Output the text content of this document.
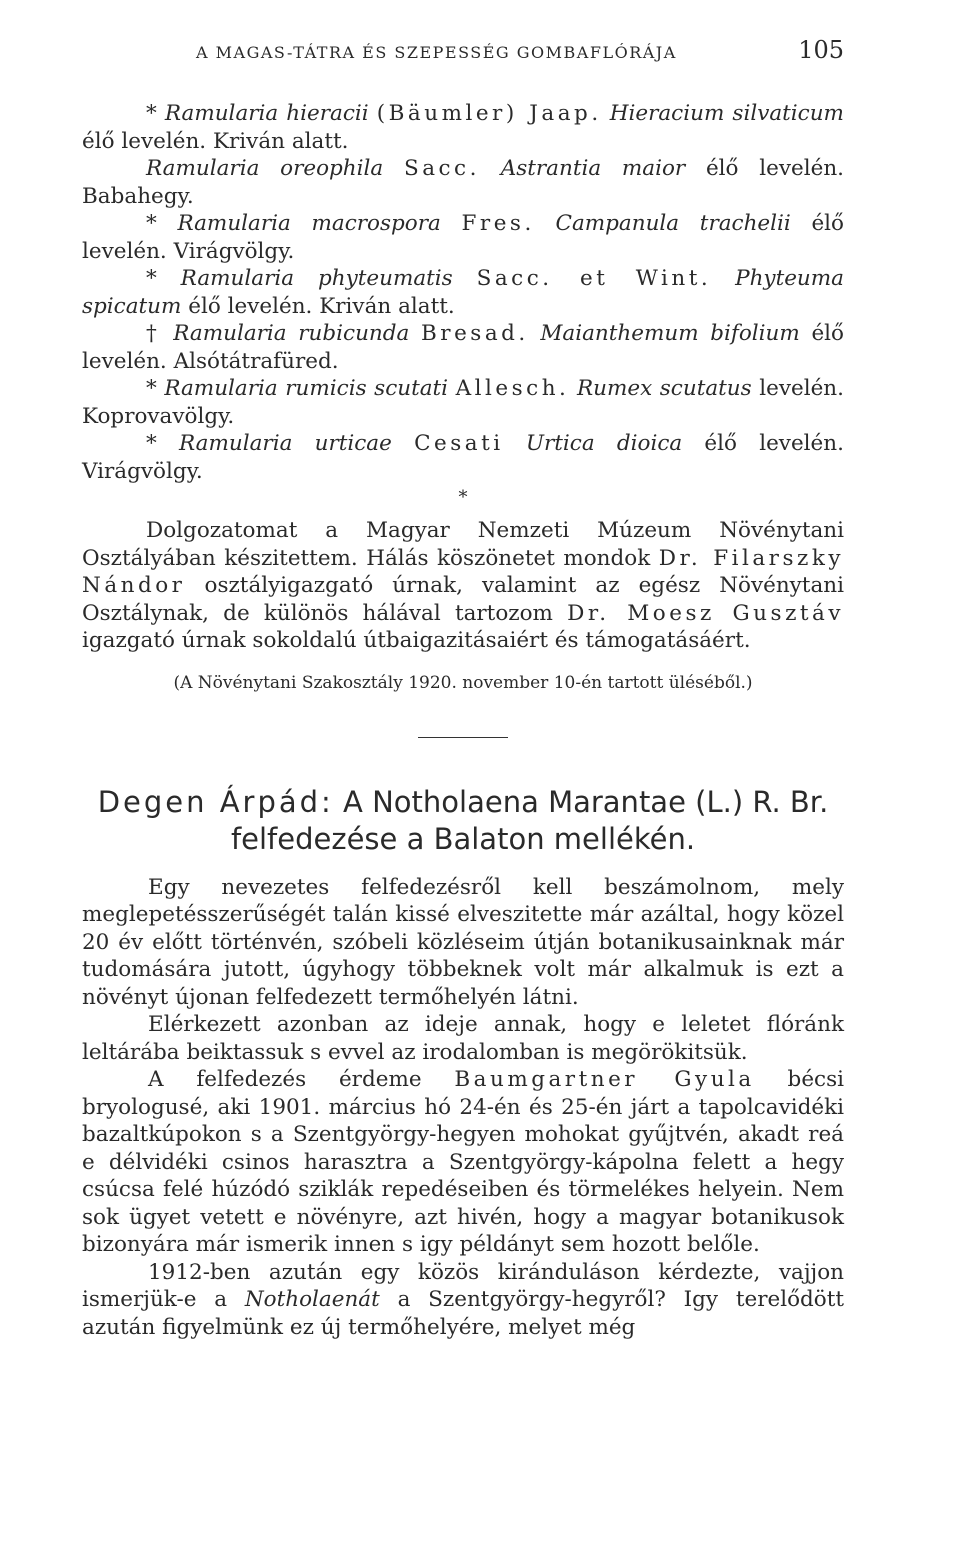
A MAGAS-TÁTRA ÉS SZEPESSÉG GOMBAFLÓRÁJA	105

* Ramularia hieracii (Bäumler) Jaap. Hieracium silvaticum élő levelén. Kriván alatt.

Ramularia oreophila Sacc. Astrantia maior élő levelén. Babahegy.

* Ramularia macrospora Fres. Campanula trachelii élő levelén. Virágvölgy.

* Ramularia phyteumatis Sacc. et Wint. Phyteuma spicatum élő levelén. Kriván alatt.

† Ramularia rubicunda Bresad. Maianthemum bifolium élő levelén. Alsótátrafüred.

* Ramularia rumicis scutati Allesch. Rumex scutatus levelén. Koprovavölgy.

* Ramularia urticae Cesati Urtica dioica élő levelén. Virágvölgy.

*

Dolgozatomat a Magyar Nemzeti Múzeum Növénytani Osztályában készitettem. Hálás köszönetet mondok Dr. Filarszky Nándor osztályigazgató úrnak, valamint az egész Növénytani Osztálynak, de különös hálával tartozom Dr. Moesz Gusztáv igazgató úrnak sokoldalú útbaigazitásaiért és támogatásáért.

(A Növénytani Szakosztály 1920. november 10-én tartott üléséből.)
Degen Árpád: A Notholaena Marantae (L.) R. Br.
felfedezése a Balaton mellékén.

Egy nevezetes felfedezésről kell beszámolnom, mely meglepetésszerűségét talán kissé elveszitette már azáltal, hogy közel 20 év előtt történvén, szóbeli közléseim útján botanikusainknak már tudomására jutott, úgyhogy többeknek volt már alkalmuk is ezt a növényt újonan felfedezett termőhelyén látni.

Elérkezett azonban az ideje annak, hogy e leletet flóránk leltárába beiktassuk s evvel az irodalomban is megörökitsük.

A felfedezés érdeme Baumgartner Gyula bécsi bryologusé, aki 1901. március hó 24-én és 25-én járt a tapolcavidéki bazaltkúpokon s a Szentgyörgy-hegyen mohokat gyűjtvén, akadt reá e délvidéki csinos harasztra a Szentgyörgy-kápolna felett a hegy csúcsa felé húzódó sziklák repedéseiben és törmelékes helyein. Nem sok ügyet vetett e növényre, azt hivén, hogy a magyar botanikusok bizonyára már ismerik innen s igy példányt sem hozott belőle.

1912-ben azután egy közös kiránduláson kérdezte, vajjon ismerjük-e a Notholaenát a Szentgyörgy-hegyről? Igy terelődött azután figyelmünk ez új termőhelyére, melyet még
